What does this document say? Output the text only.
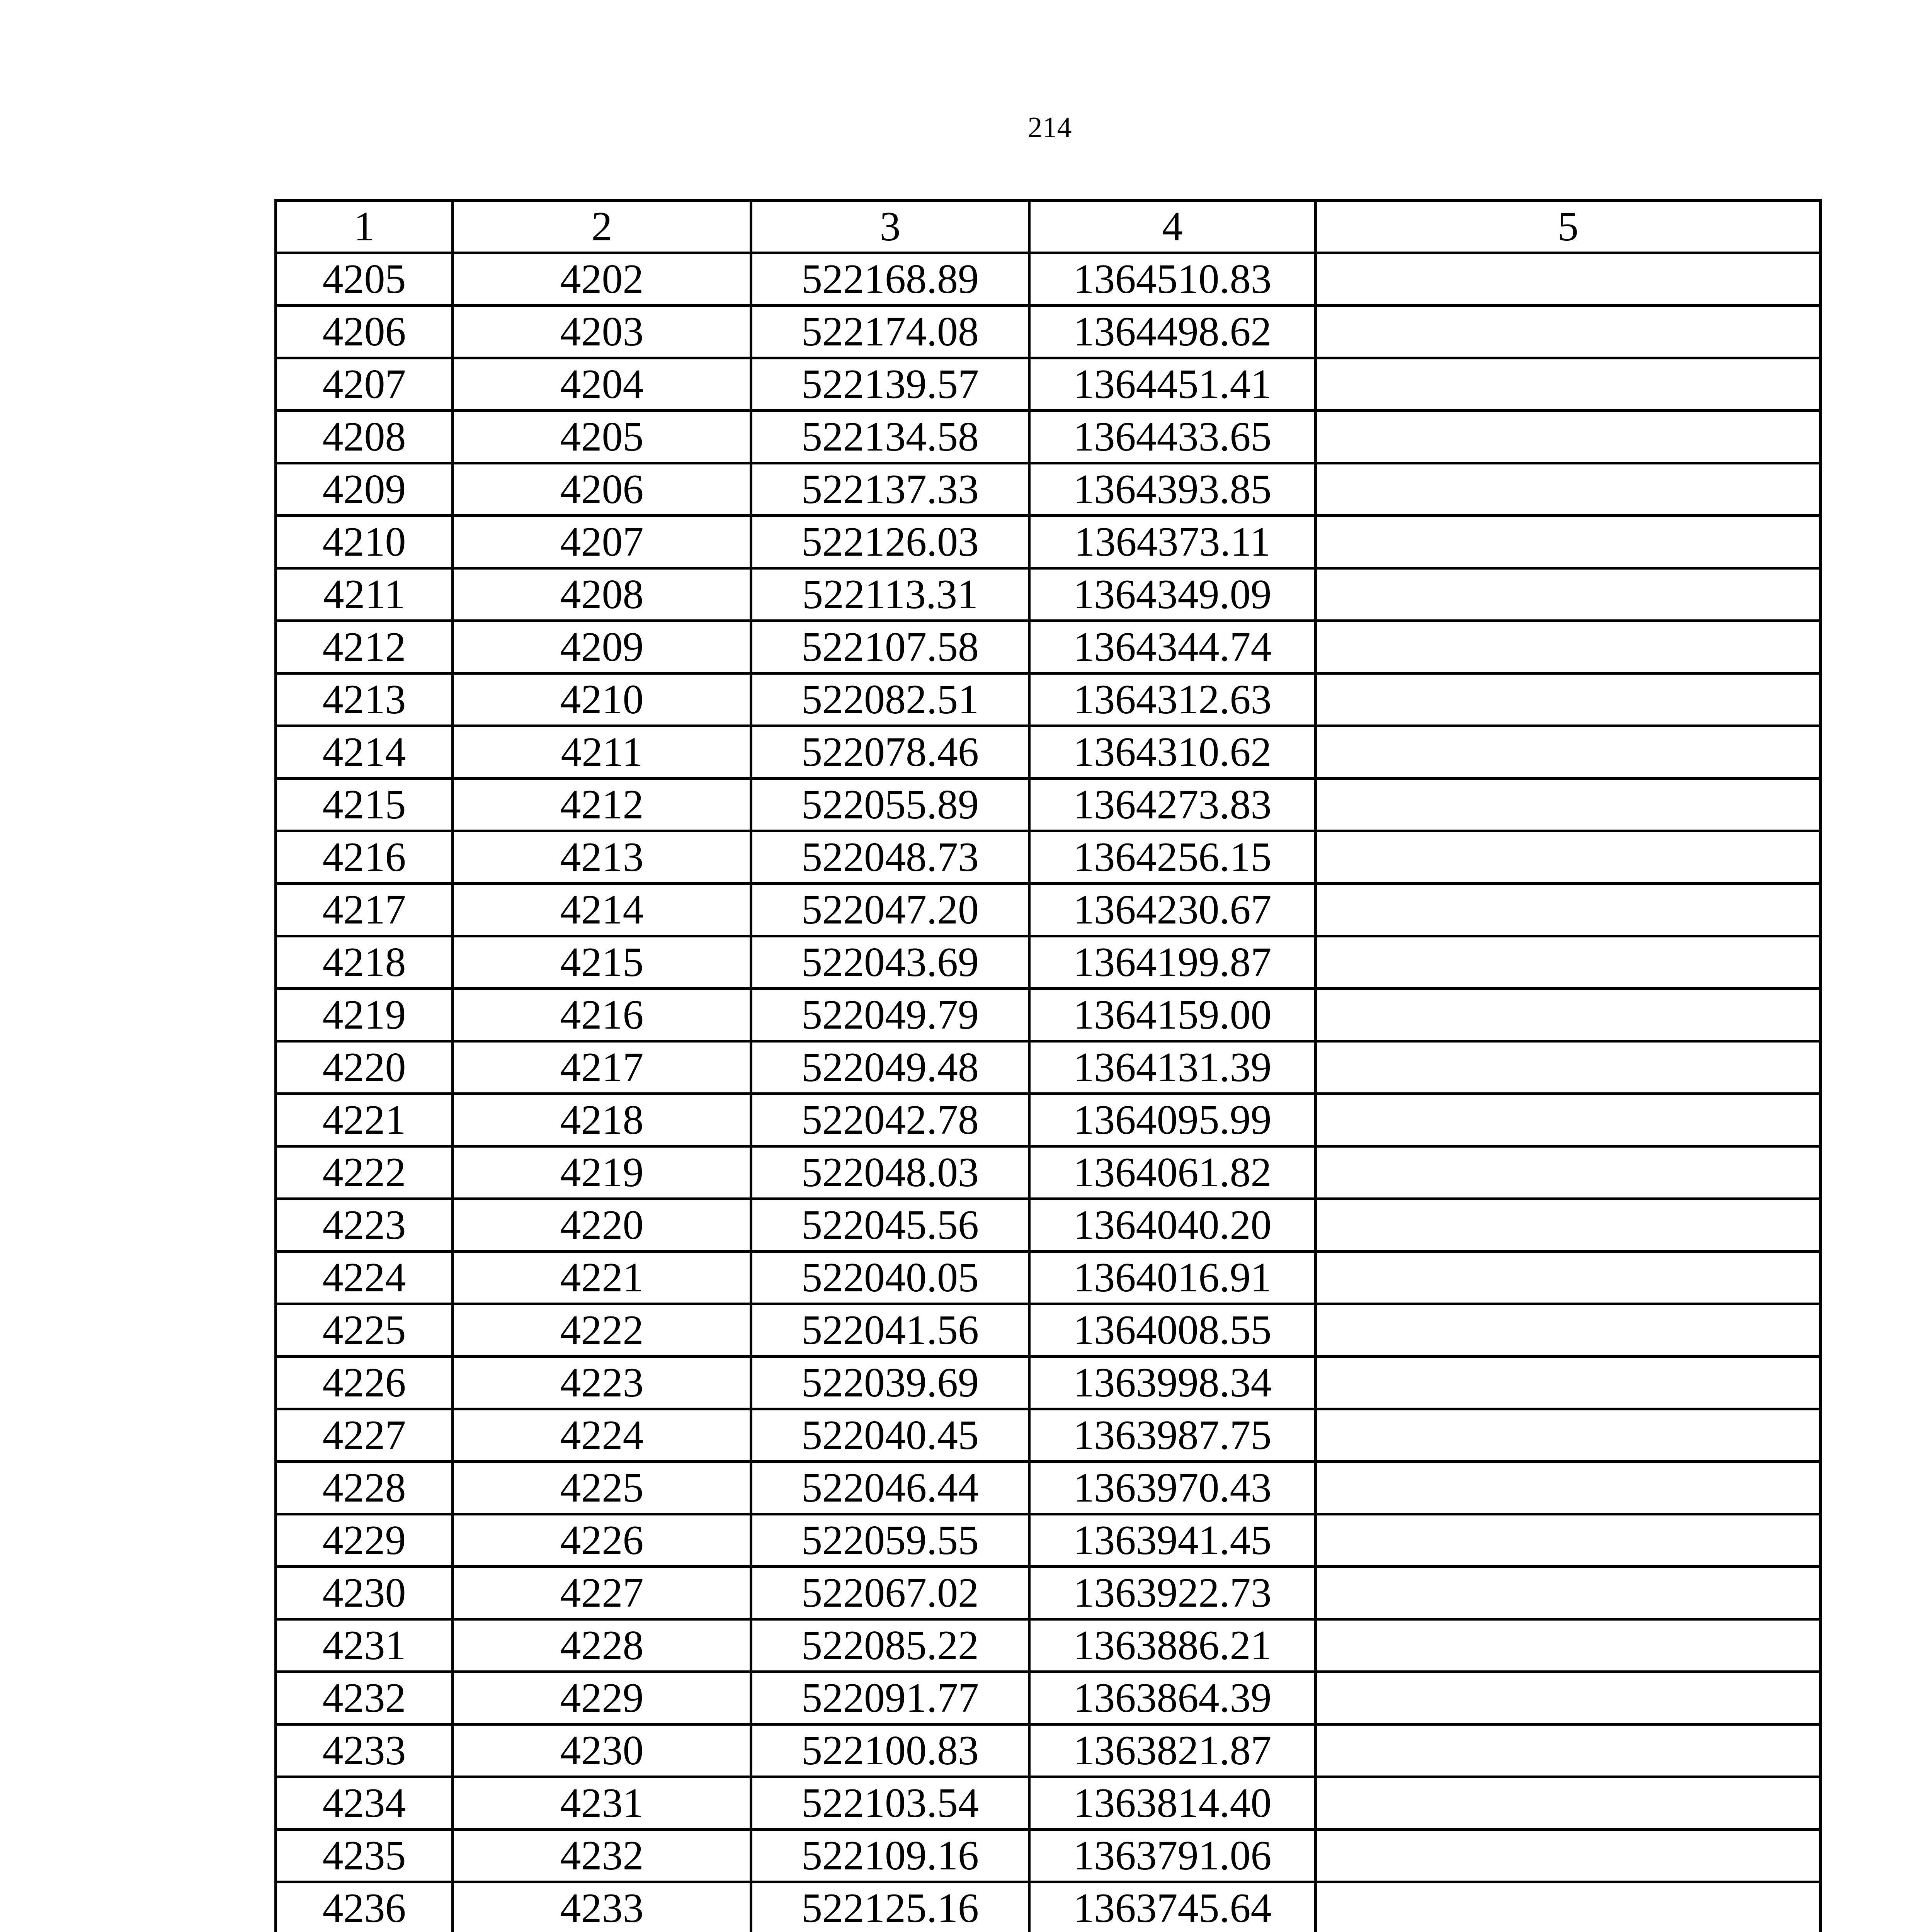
214
1	2	3	4	5
4205	4202	522168.89	1364510.83	
4206	4203	522174.08	1364498.62	
4207	4204	522139.57	1364451.41	
4208	4205	522134.58	1364433.65	
4209	4206	522137.33	1364393.85	
4210	4207	522126.03	1364373.11	
4211	4208	522113.31	1364349.09	
4212	4209	522107.58	1364344.74	
4213	4210	522082.51	1364312.63	
4214	4211	522078.46	1364310.62	
4215	4212	522055.89	1364273.83	
4216	4213	522048.73	1364256.15	
4217	4214	522047.20	1364230.67	
4218	4215	522043.69	1364199.87	
4219	4216	522049.79	1364159.00	
4220	4217	522049.48	1364131.39	
4221	4218	522042.78	1364095.99	
4222	4219	522048.03	1364061.82	
4223	4220	522045.56	1364040.20	
4224	4221	522040.05	1364016.91	
4225	4222	522041.56	1364008.55	
4226	4223	522039.69	1363998.34	
4227	4224	522040.45	1363987.75	
4228	4225	522046.44	1363970.43	
4229	4226	522059.55	1363941.45	
4230	4227	522067.02	1363922.73	
4231	4228	522085.22	1363886.21	
4232	4229	522091.77	1363864.39	
4233	4230	522100.83	1363821.87	
4234	4231	522103.54	1363814.40	
4235	4232	522109.16	1363791.06	
4236	4233	522125.16	1363745.64	
